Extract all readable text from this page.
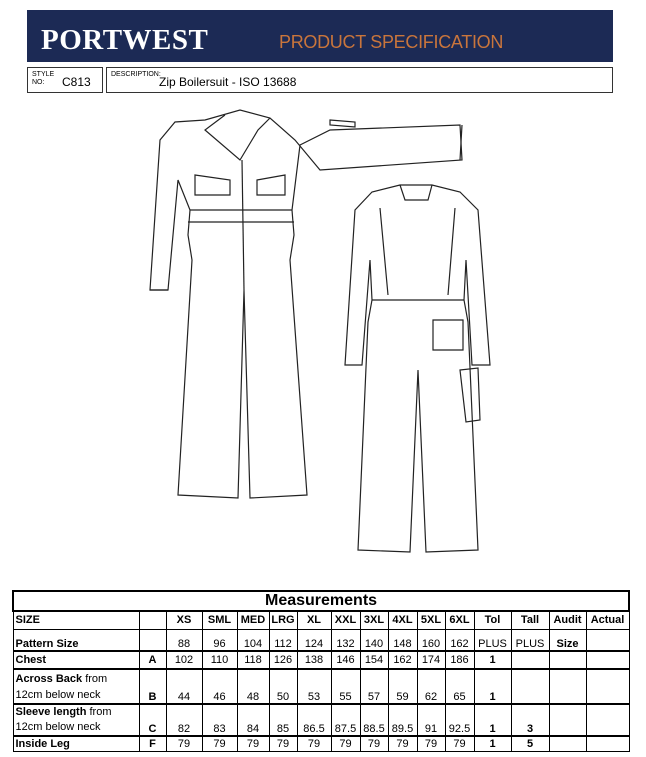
PORTWEST	PRODUCT SPECIFICATION
STYLE
NO:	C813
DESCRIPTION:
Zip Boilersuit - ISO 13688
Measurements															
SIZE		XS	SML	MED	LRG	XL	XXL	3XL	4XL	5XL	6XL	Tol	Tall	Audit	Actual
Pattern Size		88	96	104	112	124	132	140	148	160	162	PLUS	PLUS	Size	
Chest	A	102	110	118	126	138	146	154	162	174	186	1			
Across Back from
12cm below neck	B	44	46	48	50	53	55	57	59	62	65	1			
Sleeve length from
12cm below neck	C	82	83	84	85	86.5	87.5	88.5	89.5	91	92.5	1	3		
Inside Leg	F	79	79	79	79	79	79	79	79	79	79	1	5		
